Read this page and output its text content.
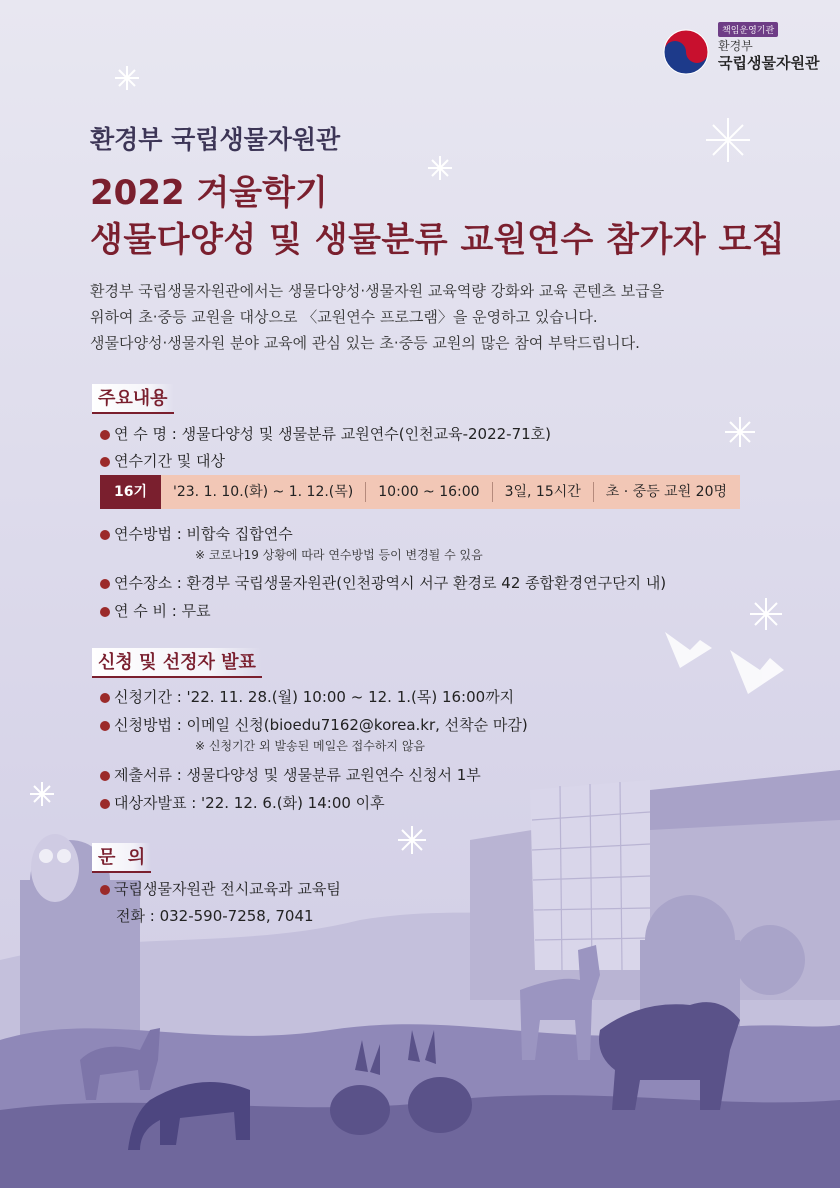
책임운영기관
환경부
국립생물자원관
환경부 국립생물자원관
2022 겨울학기
생물다양성 및 생물분류 교원연수 참가자 모집
환경부 국립생물자원관에서는 생물다양성·생물자원 교육역량 강화와 교육 콘텐츠 보급을
위하여 초·중등 교원을 대상으로 〈교원연수 프로그램〉을 운영하고 있습니다.
생물다양성·생물자원 분야 교육에 관심 있는 초·중등 교원의 많은 참여 부탁드립니다.
주요내용
연 수 명 : 생물다양성 및 생물분류 교원연수(인천교육-2022-71호)
연수기간 및 대상
16기	'23. 1. 10.(화) ~ 1. 12.(목)	10:00 ~ 16:00	3일, 15시간	초 · 중등 교원 20명
연수방법 : 비합숙 집합연수
※ 코로나19 상황에 따라 연수방법 등이 변경될 수 있음
연수장소 : 환경부 국립생물자원관(인천광역시 서구 환경로 42 종합환경연구단지 내)
연 수 비 : 무료
신청 및 선정자 발표
신청기간 : '22. 11. 28.(월) 10:00 ~ 12. 1.(목) 16:00까지
신청방법 : 이메일 신청(bioedu7162@korea.kr, 선착순 마감)
※ 신청기간 외 발송된 메일은 접수하지 않음
제출서류 : 생물다양성 및 생물분류 교원연수 신청서 1부
대상자발표 : '22. 12. 6.(화) 14:00 이후
문  의
국립생물자원관 전시교육과 교육팀
전화 : 032-590-7258, 7041
